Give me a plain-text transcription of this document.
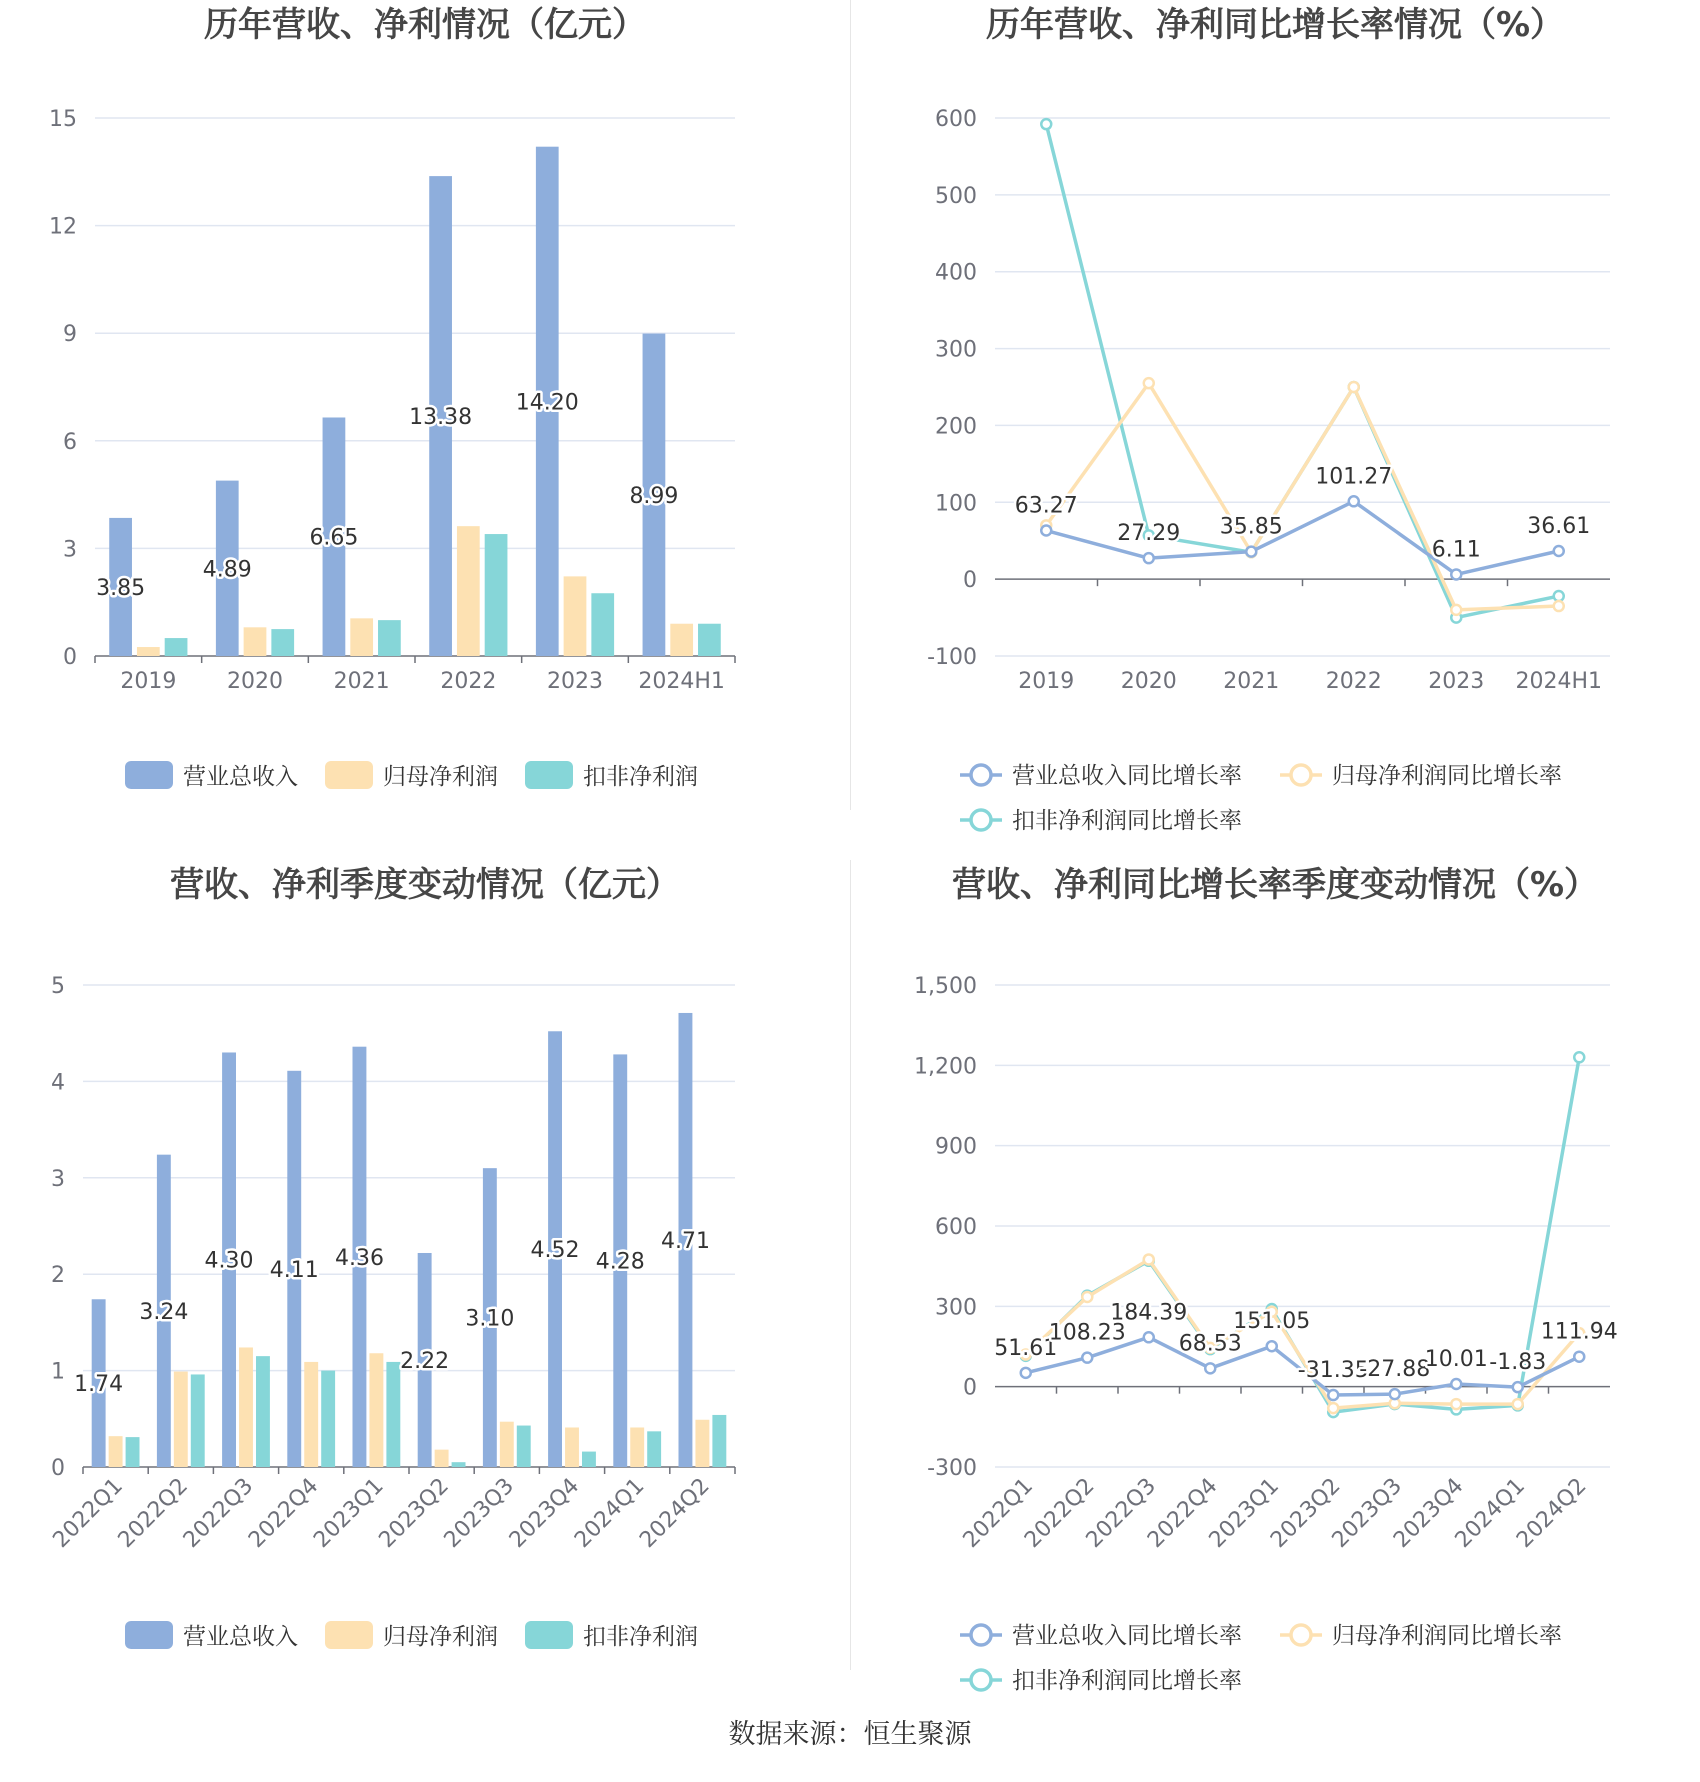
历年营收、净利情况（亿元）
0
3
6
9
12
15
2019 2020 2021 2022 2023 2024H1
3.85
4.89
6.65
13.38
14.20
8.99
营业总收入	归母净利润	扣非净利润
历年营收、净利同比增长率情况（%）
-100
0
100
200
300
400
500
600
2019 2020 2021 2022 2023 2024H1
63.27
27.29 35.85
101.27
6.11
36.61
营业总收入同比增长率	归母净利润同比增长率
扣非净利润同比增长率
营收、净利季度变动情况（亿元）
0
1
2
3
4
5
2022Q1
2022Q2
2022Q3
2022Q4
2023Q1
2023Q2
2023Q3
2023Q4
2024Q1
2024Q2
1.74
3.24
4.30 4.11 4.36
2.22
3.10
4.52 4.28
4.71
营业总收入	归母净利润	扣非净利润
营收、净利同比增长率季度变动情况（%）
-300
0
300
600
900
1,200
1,500
2022Q1
2022Q2
2022Q3
2022Q4
2023Q1
2023Q2
2023Q3
2023Q4
2024Q1
2024Q2
51.61
108.23
184.39
68.53
151.05
-31.35
-27.88
10.01 -1.83
111.94
营业总收入同比增长率	归母净利润同比增长率
扣非净利润同比增长率
数据来源：恒生聚源
